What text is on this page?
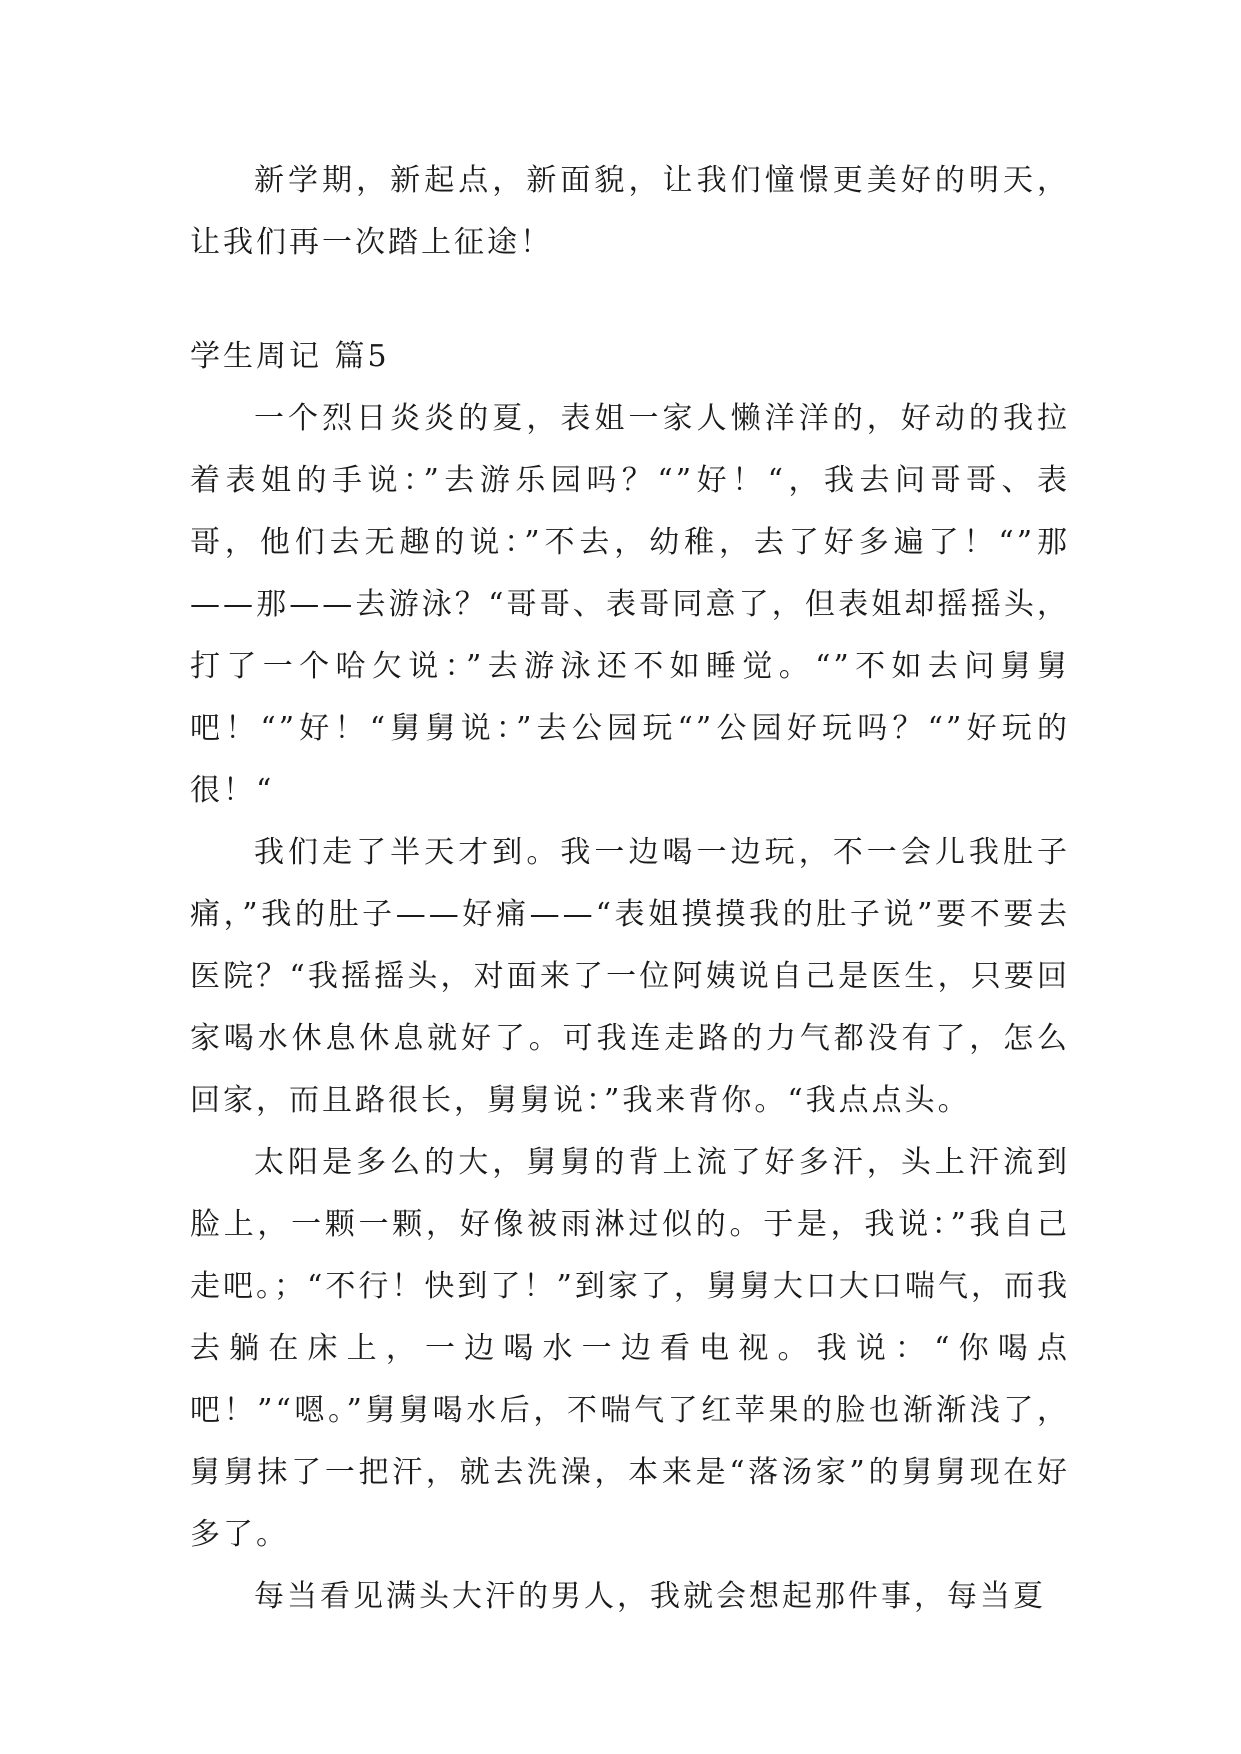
新学期，新起点，新面貌，让我们憧憬更美好的明天，让我们再一次踏上征途！

学生周记 篇5

一个烈日炎炎的夏，表姐一家人懒洋洋的，好动的我拉着表姐的手说：”去游乐园吗？“”好！“，我去问哥哥、表哥，他们去无趣的说：”不去，幼稚，去了好多遍了！“”那——那——去游泳？“哥哥、表哥同意了，但表姐却摇摇头，打了一个哈欠说：”去游泳还不如睡觉。“”不如去问舅舅吧！“”好！“舅舅说：”去公园玩“”公园好玩吗？“”好玩的很！“

我们走了半天才到。我一边喝一边玩，不一会儿我肚子痛，”我的肚子——好痛——“表姐摸摸我的肚子说”要不要去医院？“我摇摇头，对面来了一位阿姨说自己是医生，只要回家喝水休息休息就好了。可我连走路的力气都没有了，怎么回家，而且路很长，舅舅说：”我来背你。“我点点头。

太阳是多么的大，舅舅的背上流了好多汗，头上汗流到脸上，一颗一颗，好像被雨淋过似的。于是，我说：”我自己走吧。；“不行！快到了！”到家了，舅舅大口大口喘气，而我去躺在床上，一边喝水一边看电视。我说：“你喝点吧！”“嗯。”舅舅喝水后，不喘气了红苹果的脸也渐渐浅了，舅舅抹了一把汗，就去洗澡，本来是“落汤家”的舅舅现在好多了。

每当看见满头大汗的男人，我就会想起那件事，每当夏
